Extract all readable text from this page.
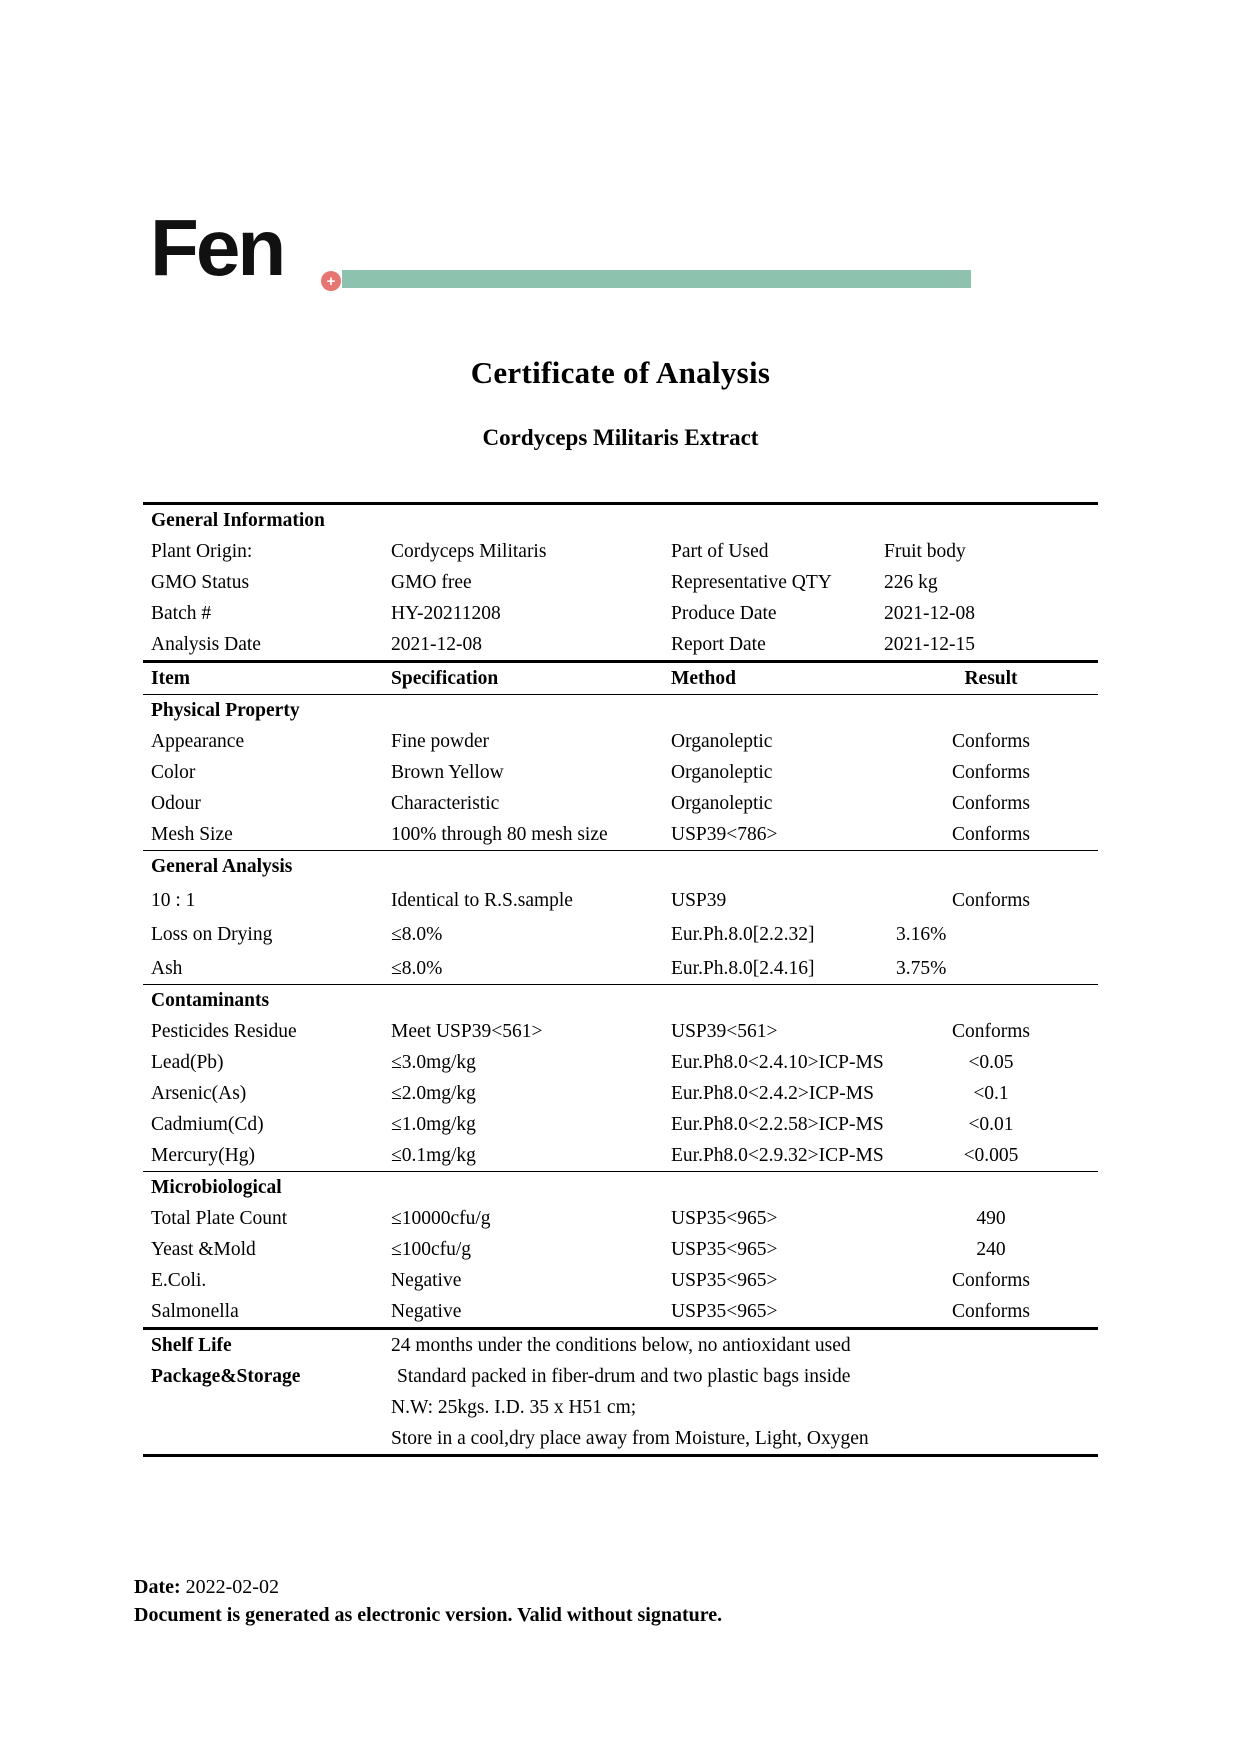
Fen	+
Certificate of Analysis
Cordyceps Militaris Extract
General Information			
Plant Origin:	Cordyceps Militaris	Part of Used	Fruit body
GMO Status	GMO free	Representative QTY	226 kg
Batch #	HY-20211208	Produce Date	2021-12-08
Analysis Date	2021-12-08	Report Date	2021-12-15
Item	Specification	Method	Result
Physical Property			
Appearance	Fine powder	Organoleptic	Conforms
Color	Brown Yellow	Organoleptic	Conforms
Odour	Characteristic	Organoleptic	Conforms
Mesh Size	100% through 80 mesh size	USP39<786>	Conforms
General Analysis			
10 : 1	Identical to R.S.sample	USP39	Conforms
Loss on Drying	≤8.0%	Eur.Ph.8.0[2.2.32]	3.16%
Ash	≤8.0%	Eur.Ph.8.0[2.4.16]	3.75%
Contaminants			
Pesticides Residue	Meet USP39<561>	USP39<561>	Conforms
Lead(Pb)	≤3.0mg/kg	Eur.Ph8.0<2.4.10>ICP-MS	<0.05
Arsenic(As)	≤2.0mg/kg	Eur.Ph8.0<2.4.2>ICP-MS	<0.1
Cadmium(Cd)	≤1.0mg/kg	Eur.Ph8.0<2.2.58>ICP-MS	<0.01
Mercury(Hg)	≤0.1mg/kg	Eur.Ph8.0<2.9.32>ICP-MS	<0.005
Microbiological			
Total Plate Count	≤10000cfu/g	USP35<965>	490
Yeast &Mold	≤100cfu/g	USP35<965>	240
E.Coli.	Negative	USP35<965>	Conforms
Salmonella	Negative	USP35<965>	Conforms
Shelf Life	24 months under the conditions below, no antioxidant used		
Package&Storage	Standard packed in fiber-drum and two plastic bags inside		
	N.W: 25kgs. I.D. 35 x H51 cm;		
	Store in a cool,dry place away from Moisture, Light, Oxygen		
Date: 2022-02-02
Document is generated as electronic version. Valid without signature.
